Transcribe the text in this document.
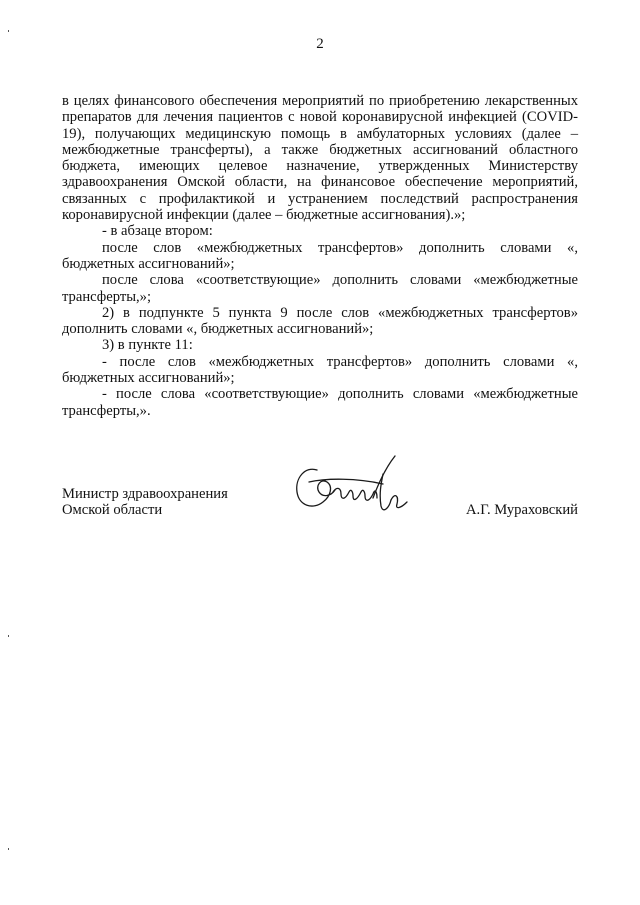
2

в целях финансового обеспечения мероприятий по приобретению лекарственных препаратов для лечения пациентов с новой коронавирусной инфекцией (COVID-19), получающих медицинскую помощь в амбулаторных условиях (далее – межбюджетные трансферты), а также бюджетных ассигнований областного бюджета, имеющих целевое назначение, утвержденных Министерству здравоохранения Омской области, на финансовое обеспечение мероприятий, связанных с профилактикой и устранением последствий распространения коронавирусной инфекции (далее – бюджетные ассигнования).»;

- в абзаце втором:

после слов «межбюджетных трансфертов» дополнить словами «, бюджетных ассигнований»;

после слова «соответствующие» дополнить словами «межбюджетные трансферты,»;

2) в подпункте 5 пункта 9 после слов «межбюджетных трансфертов» дополнить словами «, бюджетных ассигнований»;

3) в пункте 11:

- после слов «межбюджетных трансфертов» дополнить словами «, бюджетных ассигнований»;

- после слова «соответствующие» дополнить словами «межбюджетные трансферты,».

Министр здравоохранения
Омской области	А.Г. Мураховский
